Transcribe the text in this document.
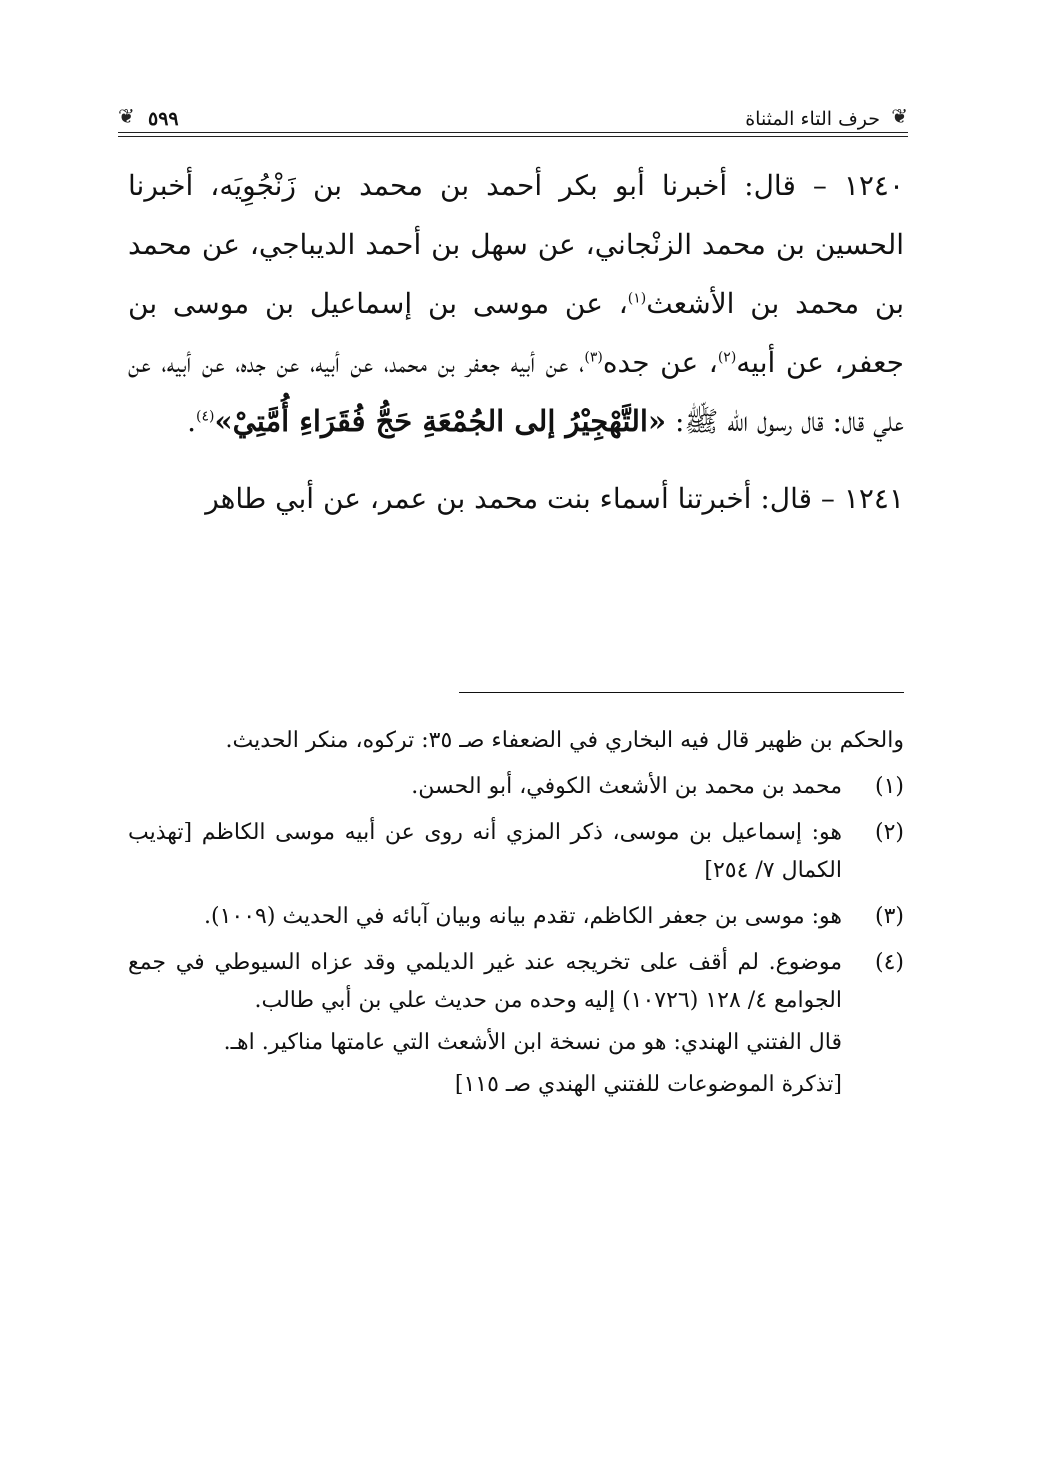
❦
حرف التاء المثناة
٥٩٩
❦

١٢٤٠ – قال: أخبرنا أبو بكر أحمد بن محمد بن زَنْجُوِيَه، أخبرنا الحسين بن محمد الزنْجاني، عن سهل بن أحمد الديباجي، عن محمد بن محمد بن الأشعث$^{(١)}$، عن موسى بن إسماعيل بن موسى بن جعفر، عن أبيه$^{(٢)}$، عن جده$^{(٣)}$، عن أبيه جعفر بن محمد، عن أبيه، عن جده، عن أبيه، عن علي قال: قال رسول الله ﷺ: «التَّهْجِيْرُ إلى الجُمْعَةِ حَجُّ فُقَرَاءِ أُمَّتِيْ»$^{(٤)}$.

١٢٤١ – قال: أخبرتنا أسماء بنت محمد بن عمر، عن أبي طاهر

والحكم بن ظهير قال فيه البخاري في الضعفاء صـ ٣٥: تركوه، منكر الحديث.

(١)
محمد بن محمد بن الأشعث الكوفي، أبو الحسن.

(٢)
هو: إسماعيل بن موسى، ذكر المزي أنه روى عن أبيه موسى الكاظم [تهذيب الكمال ٧/ ٢٥٤]

(٣)
هو: موسى بن جعفر الكاظم، تقدم بيانه وبيان آبائه في الحديث (١٠٠٩).

(٤)
موضوع. لم أقف على تخريجه عند غير الديلمي وقد عزاه السيوطي في جمع الجوامع ٤/ ١٢٨ (١٠٧٢٦) إليه وحده من حديث علي بن أبي طالب.

قال الفتني الهندي: هو من نسخة ابن الأشعث التي عامتها مناكير. اهـ.

[تذكرة الموضوعات للفتني الهندي صـ ١١٥]
